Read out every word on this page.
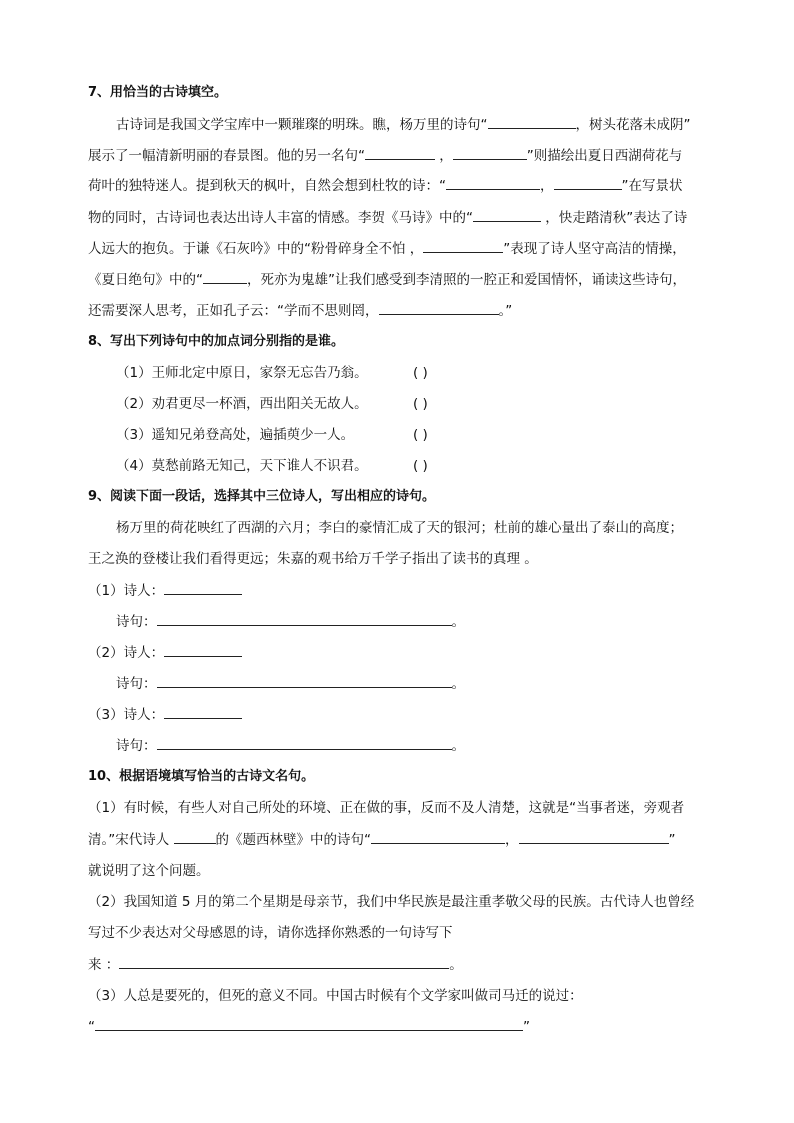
7、用恰当的古诗填空。
古诗词是我国文学宝库中一颗璀璨的明珠。瞧，杨万里的诗句“	，树头花落未成阴”
展示了一幅清新明丽的春景图。他的另一名句“	，	”则描绘出夏日西湖荷花与
荷叶的独特迷人。提到秋天的枫叶，自然会想到杜牧的诗：“	，	”在写景状
物的同时，古诗词也表达出诗人丰富的情感。李贺《马诗》中的“	，快走踏清秋”表达了诗
人远大的抱负。于谦《石灰吟》中的“粉骨碎身全不怕 ，	”表现了诗人坚守高洁的情操，
《夏日绝句》中的“	，死亦为鬼雄”让我们感受到李清照的一腔正和爱国情怀，诵读这些诗句，
还需要深人思考，正如孔子云：“学而不思则罔，	。”
8、写出下列诗句中的加点词分别指的是谁。
（1）王师北定中原日，家祭无忘告乃翁。	( )
（2）劝君更尽一杯酒，西出阳关无故人。	( )
（3）遥知兄弟登高处，遍插萸少一人。	( )
（4）莫愁前路无知己，天下谁人不识君。	( )
9、阅读下面一段话，选择其中三位诗人，写出相应的诗句。
杨万里的荷花映红了西湖的六月；李白的豪情汇成了天的银河；杜前的雄心量出了泰山的高度；
王之涣的登楼让我们看得更远；朱嘉的观书给万千学子指出了读书的真理 。
（1）诗人：
诗句：	。
（2）诗人：
诗句：	。
（3）诗人：
诗句：	。
10、根据语境填写恰当的古诗文名句。
（1）有时候，有些人对自己所处的环境、正在做的事，反而不及人清楚，这就是“当事者迷，旁观者
清。”宋代诗人	的《题西林壁》中的诗句“	，	”
就说明了这个问题。
（2）我国知道 5 月的第二个星期是母亲节，我们中华民族是最注重孝敬父母的民族。古代诗人也曾经
写过不少表达对父母感恩的诗，请你选择你熟悉的一句诗写下
来 ：	。
（3）人总是要死的，但死的意义不同。中国古时候有个文学家叫做司马迁的说过：
“	”
